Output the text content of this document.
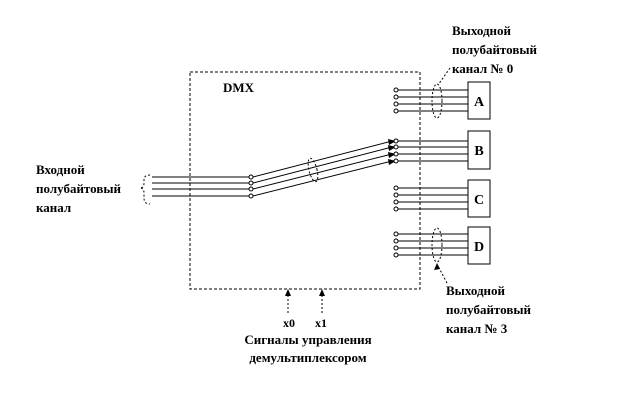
DMX
Входной
полубайтовый
канал
A
B
C
D
Выходной
полубайтовый
канал № 0
Выходной
полубайтовый
канал № 3
x0 x1
Сигналы управления
демультиплексором
